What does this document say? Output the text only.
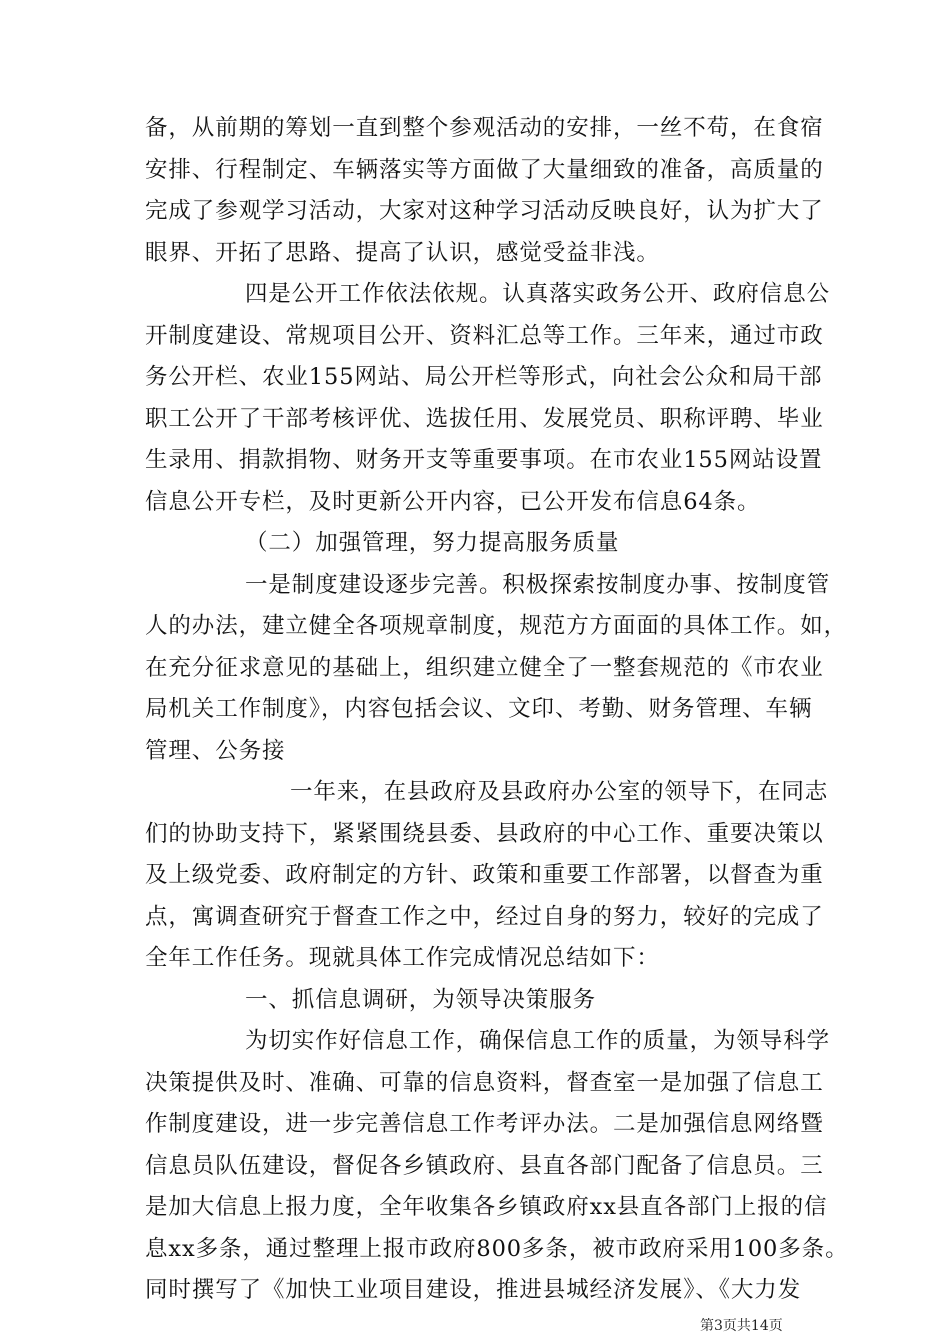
备，从前期的筹划一直到整个参观活动的安排，一丝不苟，在食宿
安排、行程制定、车辆落实等方面做了大量细致的准备，高质量的
完成了参观学习活动，大家对这种学习活动反映良好，认为扩大了
眼界、开拓了思路、提高了认识，感觉受益非浅。
四是公开工作依法依规。认真落实政务公开、政府信息公
开制度建设、常规项目公开、资料汇总等工作。三年来，通过市政
务公开栏、农业155网站、局公开栏等形式，向社会公众和局干部
职工公开了干部考核评优、选拔任用、发展党员、职称评聘、毕业
生录用、捐款捐物、财务开支等重要事项。在市农业155网站设置
信息公开专栏，及时更新公开内容，已公开发布信息64条。
（二）加强管理，努力提高服务质量
一是制度建设逐步完善。积极探索按制度办事、按制度管
人的办法，建立健全各项规章制度，规范方方面面的具体工作。如，
在充分征求意见的基础上，组织建立健全了一整套规范的《市农业
局机关工作制度》，内容包括会议、文印、考勤、财务管理、车辆
管理、公务接
一年来，在县政府及县政府办公室的领导下，在同志
们的协助支持下，紧紧围绕县委、县政府的中心工作、重要决策以
及上级党委、政府制定的方针、政策和重要工作部署，以督查为重
点，寓调查研究于督查工作之中，经过自身的努力，较好的完成了
全年工作任务。现就具体工作完成情况总结如下：
一、抓信息调研，为领导决策服务
为切实作好信息工作，确保信息工作的质量，为领导科学
决策提供及时、准确、可靠的信息资料，督查室一是加强了信息工
作制度建设，进一步完善信息工作考评办法。二是加强信息网络暨
信息员队伍建设，督促各乡镇政府、县直各部门配备了信息员。三
是加大信息上报力度，全年收集各乡镇政府xx县直各部门上报的信
息xx多条，通过整理上报市政府800多条，被市政府采用100多条。
同时撰写了《加快工业项目建设，推进县城经济发展》、《大力发
第3页共14页
